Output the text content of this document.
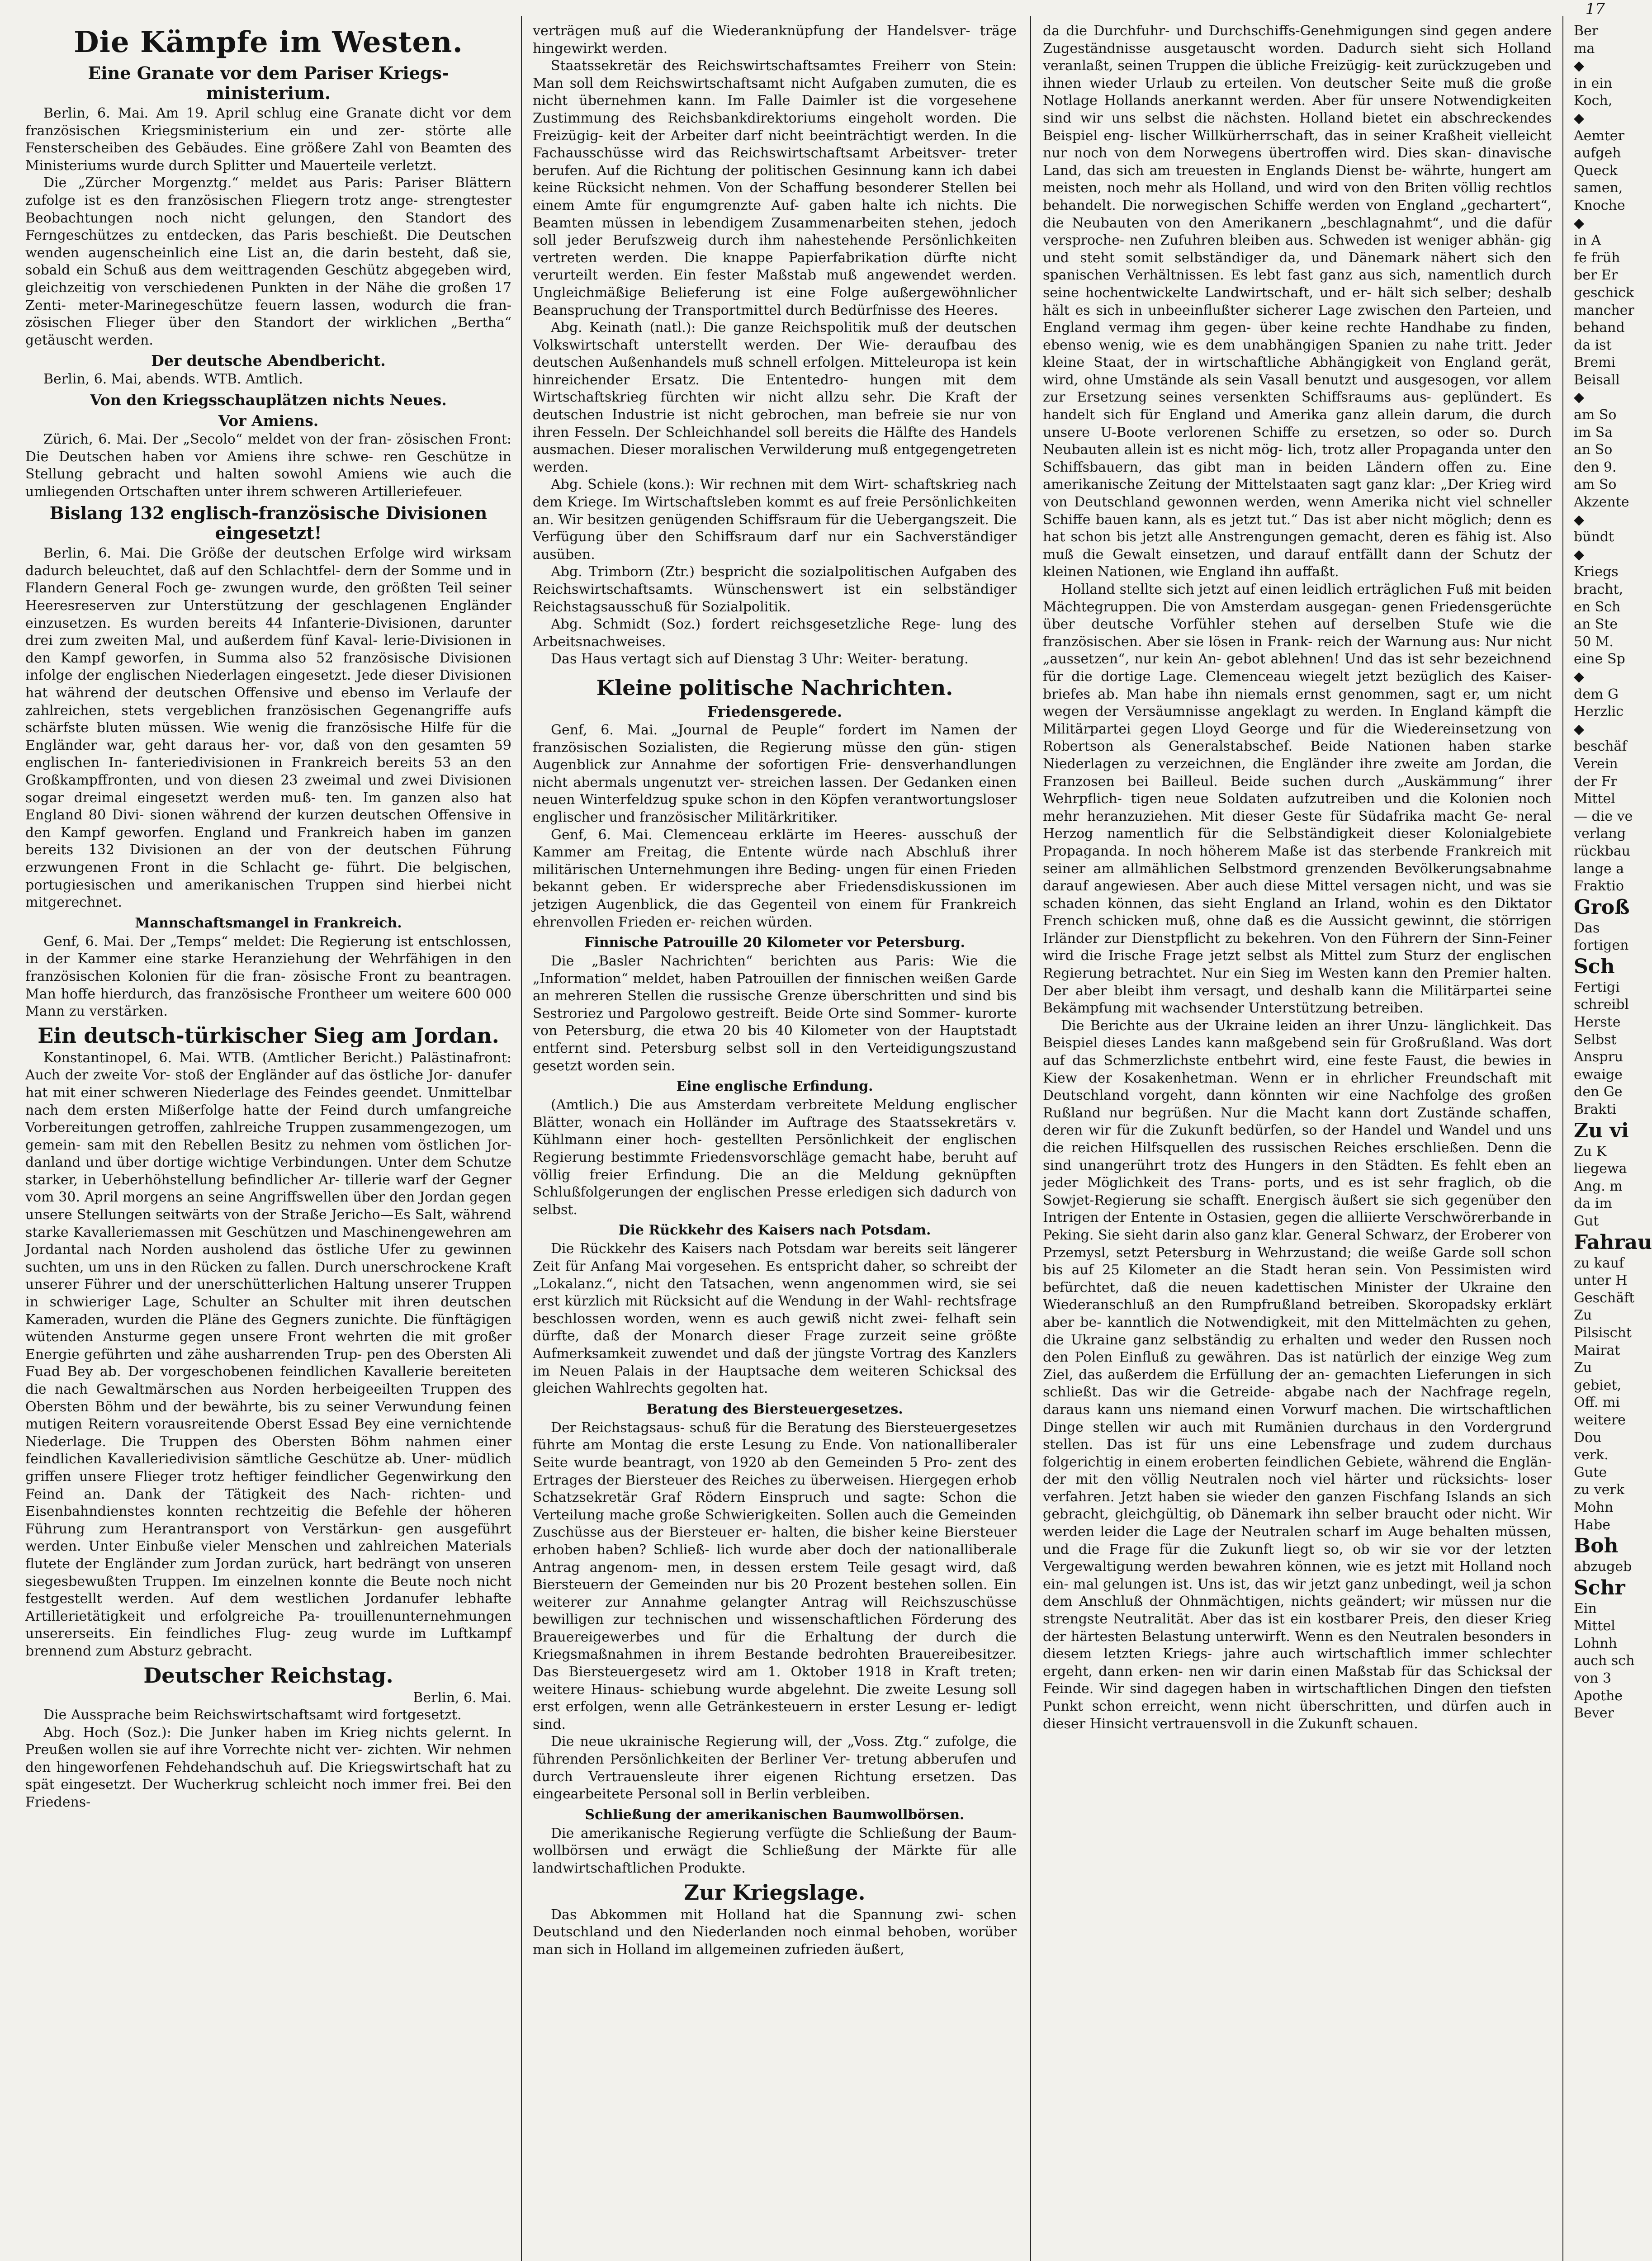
17
Die Kämpfe im Westen.
Eine Granate vor dem Pariser Kriegs- ministerium.

Berlin, 6. Mai. Am 19. April schlug eine Granate dicht vor dem französischen Kriegsministerium ein und zer- störte alle Fensterscheiben des Gebäudes. Eine größere Zahl von Beamten des Ministeriums wurde durch Splitter und Mauerteile verletzt.

Die „Zürcher Morgenztg.“ meldet aus Paris: Pariser Blättern zufolge ist es den französischen Fliegern trotz ange- strengtester Beobachtungen noch nicht gelungen, den Standort des Ferngeschützes zu entdecken, das Paris beschießt. Die Deutschen wenden augenscheinlich eine List an, die darin besteht, daß sie, sobald ein Schuß aus dem weittragenden Geschütz abgegeben wird, gleichzeitig von verschiedenen Punkten in der Nähe die großen 17 Zenti- meter-Marinegeschütze feuern lassen, wodurch die fran- zösischen Flieger über den Standort der wirklichen „Bertha“ getäuscht werden.

Der deutsche Abendbericht.

Berlin, 6. Mai, abends. WTB. Amtlich.

Von den Kriegsschauplätzen nichts Neues.
Vor Amiens.

Zürich, 6. Mai. Der „Secolo“ meldet von der fran- zösischen Front: Die Deutschen haben vor Amiens ihre schwe- ren Geschütze in Stellung gebracht und halten sowohl Amiens wie auch die umliegenden Ortschaften unter ihrem schweren Artilleriefeuer.

Bislang 132 englisch-französische Divisionen eingesetzt!

Berlin, 6. Mai. Die Größe der deutschen Erfolge wird wirksam dadurch beleuchtet, daß auf den Schlachtfel- dern der Somme und in Flandern General Foch ge- zwungen wurde, den größten Teil seiner Heeresreserven zur Unterstützung der geschlagenen Engländer einzusetzen. Es wurden bereits 44 Infanterie-Divisionen, darunter drei zum zweiten Mal, und außerdem fünf Kaval- lerie-Divisionen in den Kampf geworfen, in Summa also 52 französische Divisionen infolge der englischen Niederlagen eingesetzt. Jede dieser Divisionen hat während der deutschen Offensive und ebenso im Verlaufe der zahlreichen, stets vergeblichen französischen Gegenangriffe aufs schärfste bluten müssen. Wie wenig die französische Hilfe für die Engländer war, geht daraus her- vor, daß von den gesamten 59 englischen In- fanteriedivisionen in Frankreich bereits 53 an den Großkampffronten, und von diesen 23 zweimal und zwei Divisionen sogar dreimal eingesetzt werden muß- ten. Im ganzen also hat England 80 Divi- sionen während der kurzen deutschen Offensive in den Kampf geworfen. England und Frankreich haben im ganzen bereits 132 Divisionen an der von der deutschen Führung erzwungenen Front in die Schlacht ge- führt. Die belgischen, portugiesischen und amerikanischen Truppen sind hierbei nicht mitgerechnet.

Mannschaftsmangel in Frankreich.

Genf, 6. Mai. Der „Temps“ meldet: Die Regierung ist entschlossen, in der Kammer eine starke Heranziehung der Wehrfähigen in den französischen Kolonien für die fran- zösische Front zu beantragen. Man hoffe hierdurch, das französische Frontheer um weitere 600 000 Mann zu verstärken.

Ein deutsch-türkischer Sieg am Jordan.

Konstantinopel, 6. Mai. WTB. (Amtlicher Bericht.) Palästinafront: Auch der zweite Vor- stoß der Engländer auf das östliche Jor- danufer hat mit einer schweren Niederlage des Feindes geendet. Unmittelbar nach dem ersten Mißerfolge hatte der Feind durch umfangreiche Vorbereitungen getroffen, zahlreiche Truppen zusammengezogen, um gemein- sam mit den Rebellen Besitz zu nehmen vom östlichen Jor- danland und über dortige wichtige Verbindungen. Unter dem Schutze starker, in Ueberhöhstellung befindlicher Ar- tillerie warf der Gegner vom 30. April morgens an seine Angriffswellen über den Jordan gegen unsere Stellungen seitwärts von der Straße Jericho—Es Salt, während starke Kavalleriemassen mit Geschützen und Maschinengewehren am Jordantal nach Norden ausholend das östliche Ufer zu gewinnen suchten, um uns in den Rücken zu fallen. Durch unerschrockene Kraft unserer Führer und der unerschütterlichen Haltung unserer Truppen in schwieriger Lage, Schulter an Schulter mit ihren deutschen Kameraden, wurden die Pläne des Gegners zunichte. Die fünftägigen wütenden Ansturme gegen unsere Front wehrten die mit großer Energie geführten und zähe ausharrenden Trup- pen des Obersten Ali Fuad Bey ab. Der vorgeschobenen feindlichen Kavallerie bereiteten die nach Gewaltmärschen aus Norden herbeigeeilten Truppen des Obersten Böhm und der bewährte, bis zu seiner Verwundung feinen mutigen Reitern vorausreitende Oberst Essad Bey eine vernichtende Niederlage. Die Truppen des Obersten Böhm nahmen einer feindlichen Kavalleriedivision sämtliche Geschütze ab. Uner- müdlich griffen unsere Flieger trotz heftiger feindlicher Gegenwirkung den Feind an. Dank der Tätigkeit des Nach- richten- und Eisenbahndienstes konnten rechtzeitig die Befehle der höheren Führung zum Herantransport von Verstärkun- gen ausgeführt werden. Unter Einbuße vieler Menschen und zahlreichen Materials flutete der Engländer zum Jordan zurück, hart bedrängt von unseren siegesbewußten Truppen. Im einzelnen konnte die Beute noch nicht festgestellt werden. Auf dem westlichen Jordanufer lebhafte Artillerietätigkeit und erfolgreiche Pa- trouillenunternehmungen unsererseits. Ein feindliches Flug- zeug wurde im Luftkampf brennend zum Absturz gebracht.

Deutscher Reichstag.

Berlin, 6. Mai.

Die Aussprache beim Reichswirtschaftsamt wird fortgesetzt.

Abg. Hoch (Soz.): Die Junker haben im Krieg nichts gelernt. In Preußen wollen sie auf ihre Vorrechte nicht ver- zichten. Wir nehmen den hingeworfenen Fehdehandschuh auf. Die Kriegswirtschaft hat zu spät eingesetzt. Der Wucherkrug schleicht noch immer frei. Bei den Friedens-

verträgen muß auf die Wiederanknüpfung der Handelsver- träge hingewirkt werden.

Staatssekretär des Reichswirtschaftsamtes Freiherr von Stein: Man soll dem Reichswirtschaftsamt nicht Aufgaben zumuten, die es nicht übernehmen kann. Im Falle Daimler ist die vorgesehene Zustimmung des Reichsbankdirektoriums eingeholt worden. Die Freizügig- keit der Arbeiter darf nicht beeinträchtigt werden. In die Fachausschüsse wird das Reichswirtschaftsamt Arbeitsver- treter berufen. Auf die Richtung der politischen Gesinnung kann ich dabei keine Rücksicht nehmen. Von der Schaffung besonderer Stellen bei einem Amte für engumgrenzte Auf- gaben halte ich nichts. Die Beamten müssen in lebendigem Zusammenarbeiten stehen, jedoch soll jeder Berufszweig durch ihm nahestehende Persönlichkeiten vertreten werden. Die knappe Papierfabrikation dürfte nicht verurteilt werden. Ein fester Maßstab muß angewendet werden. Ungleichmäßige Belieferung ist eine Folge außergewöhnlicher Beanspruchung der Transportmittel durch Bedürfnisse des Heeres.

Abg. Keinath (natl.): Die ganze Reichspolitik muß der deutschen Volkswirtschaft unterstellt werden. Der Wie- deraufbau des deutschen Außenhandels muß schnell erfolgen. Mitteleuropa ist kein hinreichender Ersatz. Die Ententedro- hungen mit dem Wirtschaftskrieg fürchten wir nicht allzu sehr. Die Kraft der deutschen Industrie ist nicht gebrochen, man befreie sie nur von ihren Fesseln. Der Schleichhandel soll bereits die Hälfte des Handels ausmachen. Dieser moralischen Verwilderung muß entgegengetreten werden.

Abg. Schiele (kons.): Wir rechnen mit dem Wirt- schaftskrieg nach dem Kriege. Im Wirtschaftsleben kommt es auf freie Persönlichkeiten an. Wir besitzen genügenden Schiffsraum für die Uebergangszeit. Die Verfügung über den Schiffsraum darf nur ein Sachverständiger ausüben.

Abg. Trimborn (Ztr.) bespricht die sozialpolitischen Aufgaben des Reichswirtschaftsamts. Wünschenswert ist ein selbständiger Reichstagsausschuß für Sozialpolitik.

Abg. Schmidt (Soz.) fordert reichsgesetzliche Rege- lung des Arbeitsnachweises.

Das Haus vertagt sich auf Dienstag 3 Uhr: Weiter- beratung.

Kleine politische Nachrichten.
Friedensgerede.

Genf, 6. Mai. „Journal de Peuple“ fordert im Namen der französischen Sozialisten, die Regierung müsse den gün- stigen Augenblick zur Annahme der sofortigen Frie- densverhandlungen nicht abermals ungenutzt ver- streichen lassen. Der Gedanken einen neuen Winterfeldzug spuke schon in den Köpfen verantwortungsloser englischer und französischer Militärkritiker.

Genf, 6. Mai. Clemenceau erklärte im Heeres- ausschuß der Kammer am Freitag, die Entente würde nach Abschluß ihrer militärischen Unternehmungen ihre Beding- ungen für einen Frieden bekannt geben. Er widerspreche aber Friedensdiskussionen im jetzigen Augenblick, die das Gegenteil von einem für Frankreich ehrenvollen Frieden er- reichen würden.

Finnische Patrouille 20 Kilometer vor Petersburg.

Die „Basler Nachrichten“ berichten aus Paris: Wie die „Information“ meldet, haben Patrouillen der finnischen weißen Garde an mehreren Stellen die russische Grenze überschritten und sind bis Sestroriez und Pargolowo gestreift. Beide Orte sind Sommer- kurorte von Petersburg, die etwa 20 bis 40 Kilometer von der Hauptstadt entfernt sind. Petersburg selbst soll in den Verteidigungszustand gesetzt worden sein.

Eine englische Erfindung.

(Amtlich.) Die aus Amsterdam verbreitete Meldung englischer Blätter, wonach ein Holländer im Auftrage des Staatssekretärs v. Kühlmann einer hoch- gestellten Persönlichkeit der englischen Regierung bestimmte Friedensvorschläge gemacht habe, beruht auf völlig freier Erfindung. Die an die Meldung geknüpften Schlußfolgerungen der englischen Presse erledigen sich dadurch von selbst.

Die Rückkehr des Kaisers nach Potsdam.

Die Rückkehr des Kaisers nach Potsdam war bereits seit längerer Zeit für Anfang Mai vorgesehen. Es entspricht daher, so schreibt der „Lokalanz.“, nicht den Tatsachen, wenn angenommen wird, sie sei erst kürzlich mit Rücksicht auf die Wendung in der Wahl- rechtsfrage beschlossen worden, wenn es auch gewiß nicht zwei- felhaft sein dürfte, daß der Monarch dieser Frage zurzeit seine größte Aufmerksamkeit zuwendet und daß der jüngste Vortrag des Kanzlers im Neuen Palais in der Hauptsache dem weiteren Schicksal des gleichen Wahlrechts gegolten hat.

Beratung des Biersteuergesetzes.

Der Reichstagsaus- schuß für die Beratung des Biersteuergesetzes führte am Montag die erste Lesung zu Ende. Von nationalliberaler Seite wurde beantragt, von 1920 ab den Gemeinden 5 Pro- zent des Ertrages der Biersteuer des Reiches zu überweisen. Hiergegen erhob Schatzsekretär Graf Rödern Einspruch und sagte: Schon die Verteilung mache große Schwierigkeiten. Sollen auch die Gemeinden Zuschüsse aus der Biersteuer er- halten, die bisher keine Biersteuer erhoben haben? Schließ- lich wurde aber doch der nationalliberale Antrag angenom- men, in dessen erstem Teile gesagt wird, daß Biersteuern der Gemeinden nur bis 20 Prozent bestehen sollen. Ein weiterer zur Annahme gelangter Antrag will Reichszuschüsse bewilligen zur technischen und wissenschaftlichen Förderung des Brauereigewerbes und für die Erhaltung der durch die Kriegsmaßnahmen in ihrem Bestande bedrohten Brauereibesitzer. Das Biersteuergesetz wird am 1. Oktober 1918 in Kraft treten; weitere Hinaus- schiebung wurde abgelehnt. Die zweite Lesung soll erst erfolgen, wenn alle Getränkesteuern in erster Lesung er- ledigt sind.

Die neue ukrainische Regierung will, der „Voss. Ztg.“ zufolge, die führenden Persönlichkeiten der Berliner Ver- tretung abberufen und durch Vertrauensleute ihrer eigenen Richtung ersetzen. Das eingearbeitete Personal soll in Berlin verbleiben.

Schließung der amerikanischen Baumwollbörsen.

Die amerikanische Regierung verfügte die Schließung der Baum- wollbörsen und erwägt die Schließung der Märkte für alle landwirtschaftlichen Produkte.

Zur Kriegslage.

Das Abkommen mit Holland hat die Spannung zwi- schen Deutschland und den Niederlanden noch einmal behoben, worüber man sich in Holland im allgemeinen zufrieden äußert,

da die Durchfuhr- und Durchschiffs-Genehmigungen sind gegen andere Zugeständnisse ausgetauscht worden. Dadurch sieht sich Holland veranlaßt, seinen Truppen die übliche Freizügig- keit zurückzugeben und ihnen wieder Urlaub zu erteilen. Von deutscher Seite muß die große Notlage Hollands anerkannt werden. Aber für unsere Notwendigkeiten sind wir uns selbst die nächsten. Holland bietet ein abschreckendes Beispiel eng- lischer Willkürherrschaft, das in seiner Kraßheit vielleicht nur noch von dem Norwegens übertroffen wird. Dies skan- dinavische Land, das sich am treuesten in Englands Dienst be- währte, hungert am meisten, noch mehr als Holland, und wird von den Briten völlig rechtlos behandelt. Die norwegischen Schiffe werden von England „gechartert“, die Neubauten von den Amerikanern „beschlagnahmt“, und die dafür versproche- nen Zufuhren bleiben aus. Schweden ist weniger abhän- gig und steht somit selbständiger da, und Dänemark nähert sich den spanischen Verhältnissen. Es lebt fast ganz aus sich, namentlich durch seine hochentwickelte Landwirtschaft, und er- hält sich selber; deshalb hält es sich in unbeeinflußter sicherer Lage zwischen den Parteien, und England vermag ihm gegen- über keine rechte Handhabe zu finden, ebenso wenig, wie es dem unabhängigen Spanien zu nahe tritt. Jeder kleine Staat, der in wirtschaftliche Abhängigkeit von England gerät, wird, ohne Umstände als sein Vasall benutzt und ausgesogen, vor allem zur Ersetzung seines versenkten Schiffsraums aus- geplündert. Es handelt sich für England und Amerika ganz allein darum, die durch unsere U-Boote verlorenen Schiffe zu ersetzen, so oder so. Durch Neubauten allein ist es nicht mög- lich, trotz aller Propaganda unter den Schiffsbauern, das gibt man in beiden Ländern offen zu. Eine amerikanische Zeitung der Mittelstaaten sagt ganz klar: „Der Krieg wird von Deutschland gewonnen werden, wenn Amerika nicht viel schneller Schiffe bauen kann, als es jetzt tut.“ Das ist aber nicht möglich; denn es hat schon bis jetzt alle Anstrengungen gemacht, deren es fähig ist. Also muß die Gewalt einsetzen, und darauf entfällt dann der Schutz der kleinen Nationen, wie England ihn auffaßt.

Holland stellte sich jetzt auf einen leidlich erträglichen Fuß mit beiden Mächtegruppen. Die von Amsterdam ausgegan- genen Friedensgerüchte über deutsche Vorfühler stehen auf derselben Stufe wie die französischen. Aber sie lösen in Frank- reich der Warnung aus: Nur nicht „aussetzen“, nur kein An- gebot ablehnen! Und das ist sehr bezeichnend für die dortige Lage. Clemenceau wiegelt jetzt bezüglich des Kaiser- briefes ab. Man habe ihn niemals ernst genommen, sagt er, um nicht wegen der Versäumnisse angeklagt zu werden. In England kämpft die Militärpartei gegen Lloyd George und für die Wiedereinsetzung von Robertson als Generalstabschef. Beide Nationen haben starke Niederlagen zu verzeichnen, die Engländer ihre zweite am Jordan, die Franzosen bei Bailleul. Beide suchen durch „Auskämmung“ ihrer Wehrpflich- tigen neue Soldaten aufzutreiben und die Kolonien noch mehr heranzuziehen. Mit dieser Geste für Südafrika macht Ge- neral Herzog namentlich für die Selbständigkeit dieser Kolonialgebiete Propaganda. In noch höherem Maße ist das sterbende Frankreich mit seiner am allmählichen Selbstmord grenzenden Bevölkerungsabnahme darauf angewiesen. Aber auch diese Mittel versagen nicht, und was sie schaden können, das sieht England an Irland, wohin es den Diktator French schicken muß, ohne daß es die Aussicht gewinnt, die störrigen Irländer zur Dienstpflicht zu bekehren. Von den Führern der Sinn-Feiner wird die Irische Frage jetzt selbst als Mittel zum Sturz der englischen Regierung betrachtet. Nur ein Sieg im Westen kann den Premier halten. Der aber bleibt ihm versagt, und deshalb kann die Militärpartei seine Bekämpfung mit wachsender Unterstützung betreiben.

Die Berichte aus der Ukraine leiden an ihrer Unzu- länglichkeit. Das Beispiel dieses Landes kann maßgebend sein für Großrußland. Was dort auf das Schmerzlichste entbehrt wird, eine feste Faust, die bewies in Kiew der Kosakenhetman. Wenn er in ehrlicher Freundschaft mit Deutschland vorgeht, dann könnten wir eine Nachfolge des großen Rußland nur begrüßen. Nur die Macht kann dort Zustände schaffen, deren wir für die Zukunft bedürfen, so der Handel und Wandel und uns die reichen Hilfsquellen des russischen Reiches erschließen. Denn die sind unangerührt trotz des Hungers in den Städten. Es fehlt eben an jeder Möglichkeit des Trans- ports, und es ist sehr fraglich, ob die Sowjet-Regierung sie schafft. Energisch äußert sie sich gegenüber den Intrigen der Entente in Ostasien, gegen die alliierte Verschwörerbande in Peking. Sie sieht darin also ganz klar. General Schwarz, der Eroberer von Przemysl, setzt Petersburg in Wehrzustand; die weiße Garde soll schon bis auf 25 Kilometer an die Stadt heran sein. Von Pessimisten wird befürchtet, daß die neuen kadettischen Minister der Ukraine den Wiederanschluß an den Rumpfrußland betreiben. Skoropadsky erklärt aber be- kanntlich die Notwendigkeit, mit den Mittelmächten zu gehen, die Ukraine ganz selbständig zu erhalten und weder den Russen noch den Polen Einfluß zu gewähren. Das ist natürlich der einzige Weg zum Ziel, das außerdem die Erfüllung der an- gemachten Lieferungen in sich schließt. Das wir die Getreide- abgabe nach der Nachfrage regeln, daraus kann uns niemand einen Vorwurf machen. Die wirtschaftlichen Dinge stellen wir auch mit Rumänien durchaus in den Vordergrund stellen. Das ist für uns eine Lebensfrage und zudem durchaus folgerichtig in einem eroberten feindlichen Gebiete, während die Englän- der mit den völlig Neutralen noch viel härter und rücksichts- loser verfahren. Jetzt haben sie wieder den ganzen Fischfang Islands an sich gebracht, gleichgültig, ob Dänemark ihn selber braucht oder nicht. Wir werden leider die Lage der Neutralen scharf im Auge behalten müssen, und die Frage für die Zukunft liegt so, ob wir sie vor der letzten Vergewaltigung werden bewahren können, wie es jetzt mit Holland noch ein- mal gelungen ist. Uns ist, das wir jetzt ganz unbedingt, weil ja schon dem Anschluß der Ohnmächtigen, nichts geändert; wir müssen nur die strengste Neutralität. Aber das ist ein kostbarer Preis, den dieser Krieg der härtesten Belastung unterwirft. Wenn es den Neutralen besonders in diesem letzten Kriegs- jahre auch wirtschaftlich immer schlechter ergeht, dann erken- nen wir darin einen Maßstab für das Schicksal der Feinde. Wir sind dagegen haben in wirtschaftlichen Dingen den tiefsten Punkt schon erreicht, wenn nicht überschritten, und dürfen auch in dieser Hinsicht vertrauensvoll in die Zukunft schauen.

Ber

ma

◆

in ein

Koch,

◆

Aemter

aufgeh

Queck

samen,

Knoche

◆

in A

fe früh

ber Er

geschick

mancher

behand

da ist

Bremi

Beisall

◆

am So

im Sa

an So

den 9.

am So

Akzente

◆

bündt

◆

Kriegs

bracht,

en Sch

an Ste

50 M.

eine Sp

◆

dem G

Herzlic

◆

beschäf

Verein

der Fr

Mittel

— die ve

verlang

rückbau

lange a

Fraktio

Groß

Das

fortigen

Sch

Fertigi

schreibl

Herste

Selbst

Anspru

ewaige

den Ge

Brakti

Zu vi

Zu K

liegewa

Ang. m

da im

Gut

Fahrau

zu kauf

unter H

Geschäft

Zu

Pilsischt

Mairat

Zu

gebiet,

Off. mi

weitere

Dou

verk.

Gute

zu verk

Mohn

Habe

Boh

abzugeb

Schr

Ein

Mittel

Lohnh

auch sch

von 3

Apothe

Bever
